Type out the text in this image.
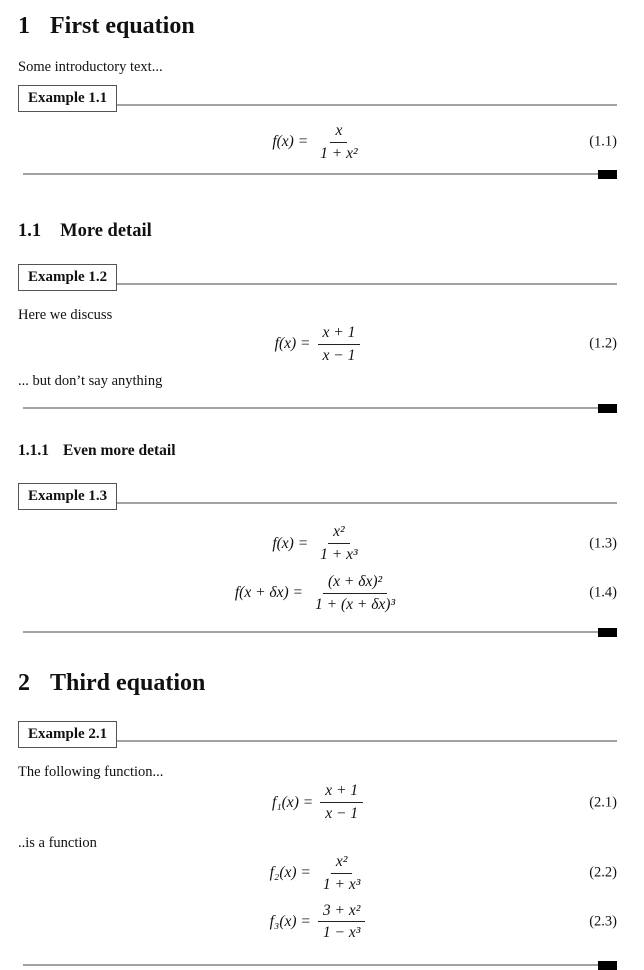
1 First equation

Some introductory text...

Example 1.1
$f(x) = \frac{x}{\text{1 + x²}}$	(1.1)
1.1 More detail
Example 1.2

Here we discuss

$f(x) = \frac{x + 1}{x - 1}$	(1.2)

... but don’t say anything

1.1.1 Even more detail
Example 1.3
$f(x) = \frac{\text{x²}}{\text{1 + x³}}$	(1.3)
$f(x + \delta x) = \frac{\text{(x + δx)²}}{\text{1 + (x + δx)³}}$	(1.4)
2 Third equation
Example 2.1

The following function...

$f_1(x) = \frac{x + 1}{x - 1}$	(2.1)

..is a function

$f_2(x) = \frac{\text{x²}}{\text{1 + x³}}$	(2.2)
$f_3(x) = \frac{\text{3 + x²}}{\text{1 − x³}}$	(2.3)
